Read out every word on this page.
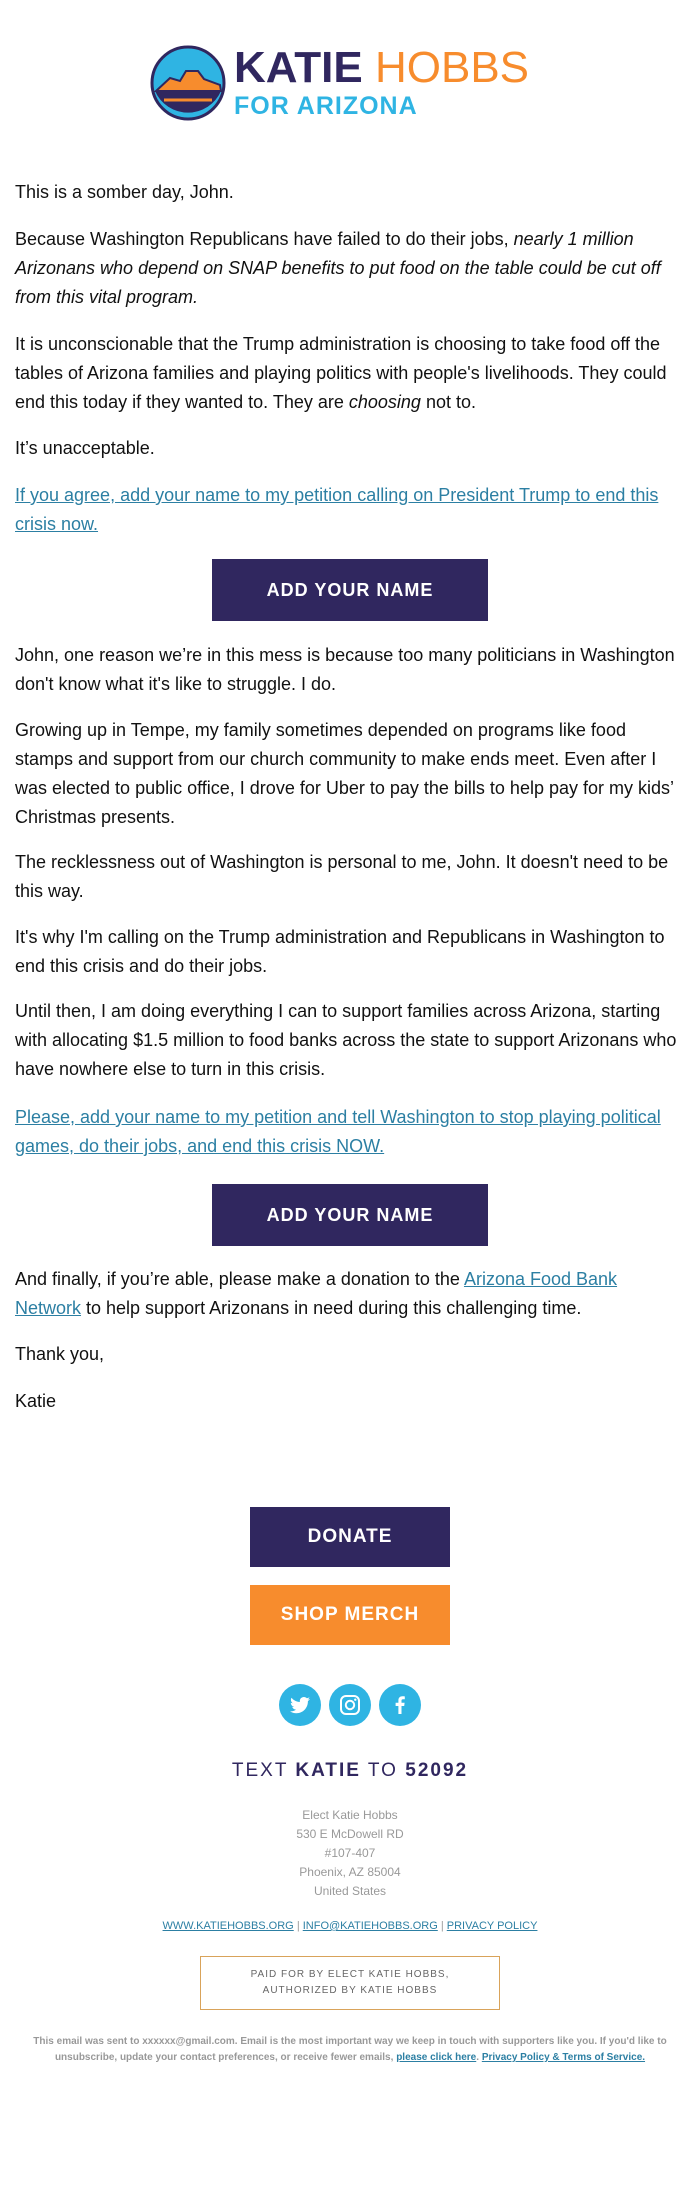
KATIE HOBBS
FOR ARIZONA

This is a somber day, John.

Because Washington Republicans have failed to do their jobs, nearly 1 million Arizonans who depend on SNAP benefits to put food on the table could be cut off from this vital program.

It is unconscionable that the Trump administration is choosing to take food off the tables of Arizona families and playing politics with people's livelihoods. They could end this today if they wanted to. They are choosing not to.

It’s unacceptable.

If you agree, add your name to my petition calling on President Trump to end this crisis now.

ADD YOUR NAME

John, one reason we’re in this mess is because too many politicians in Washington don't know what it's like to struggle. I do.

Growing up in Tempe, my family sometimes depended on programs like food stamps and support from our church community to make ends meet. Even after I was elected to public office, I drove for Uber to pay the bills to help pay for my kids’ Christmas presents.

The recklessness out of Washington is personal to me, John. It doesn't need to be this way.

It's why I'm calling on the Trump administration and Republicans in Washington to end this crisis and do their jobs.

Until then, I am doing everything I can to support families across Arizona, starting with allocating $1.5 million to food banks across the state to support Arizonans who have nowhere else to turn in this crisis.

Please, add your name to my petition and tell Washington to stop playing political games, do their jobs, and end this crisis NOW.

ADD YOUR NAME

And finally, if you’re able, please make a donation to the Arizona Food Bank Network to help support Arizonans in need during this challenging time.

Thank you,

Katie

DONATE
SHOP MERCH
TEXT KATIE TO 52092
Elect Katie Hobbs
530 E McDowell RD
#107-407
Phoenix, AZ 85004
United States
WWW.KATIEHOBBS.ORG | INFO@KATIEHOBBS.ORG | PRIVACY POLICY
PAID FOR BY ELECT KATIE HOBBS,
AUTHORIZED BY KATIE HOBBS
This email was sent to xxxxxx@gmail.com. Email is the most important way we keep in touch with supporters like you. If you'd like to unsubscribe, update your contact preferences, or receive fewer emails, please click here. Privacy Policy & Terms of Service.
